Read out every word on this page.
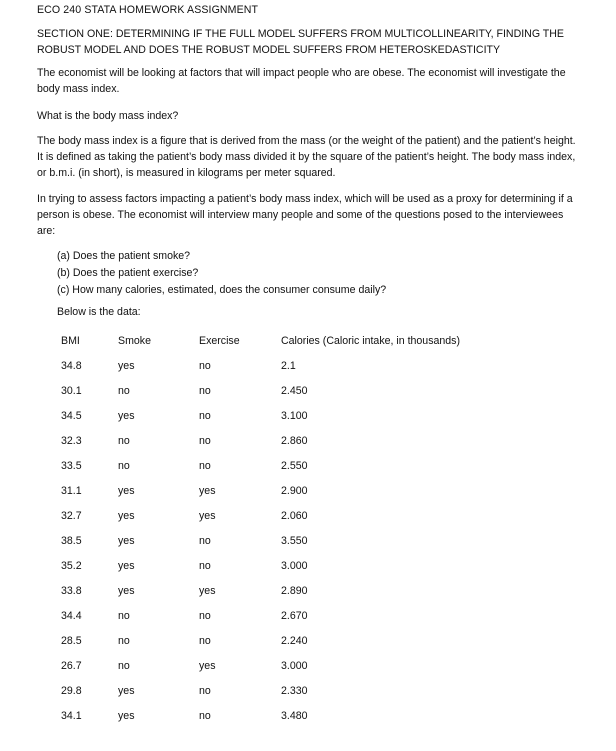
ECO 240 STATA HOMEWORK ASSIGNMENT
SECTION ONE: DETERMINING IF THE FULL MODEL SUFFERS FROM MULTICOLLINEARITY, FINDING THE ROBUST MODEL AND DOES THE ROBUST MODEL SUFFERS FROM HETEROSKEDASTICITY
The economist will be looking at factors that will impact people who are obese. The economist will investigate the body mass index.
What is the body mass index?
The body mass index is a figure that is derived from the mass (or the weight of the patient) and the patient’s height. It is defined as taking the patient’s body mass divided it by the square of the patient’s height. The body mass index, or b.m.i. (in short), is measured in kilograms per meter squared.
In trying to assess factors impacting a patient’s body mass index, which will be used as a proxy for determining if a person is obese. The economist will interview many people and some of the questions posed to the interviewees are:
(a) Does the patient smoke?
(b) Does the patient exercise?
(c) How many calories, estimated, does the consumer consume daily?
Below is the data:
BMI	Smoke	Exercise	Calories (Caloric intake, in thousands)
34.8	yes	no	2.1
30.1	no	no	2.450
34.5	yes	no	3.100
32.3	no	no	2.860
33.5	no	no	2.550
31.1	yes	yes	2.900
32.7	yes	yes	2.060
38.5	yes	no	3.550
35.2	yes	no	3.000
33.8	yes	yes	2.890
34.4	no	no	2.670
28.5	no	no	2.240
26.7	no	yes	3.000
29.8	yes	no	2.330
34.1	yes	no	3.480
